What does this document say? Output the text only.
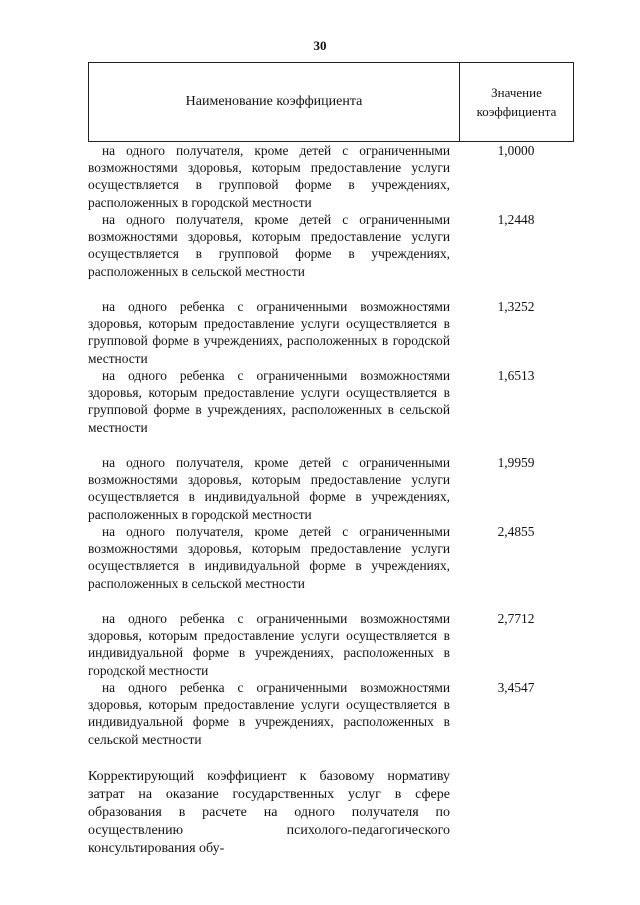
30
Наименование коэффициента
Значение
коэффициента

на одного получателя, кроме детей с ограниченными возможностями здоровья, которым предоставление услуги осуществляется в групповой форме в учреждениях, расположенных в городской местности

1,0000

на одного получателя, кроме детей с ограниченными возможностями здоровья, которым предоставление услуги осуществляется в групповой форме в учреждениях, расположенных в сельской местности

1,2448

на одного ребенка с ограниченными возможностями здоровья, которым предоставление услуги осуществляется в групповой форме в учреждениях, расположенных в городской местности

1,3252

на одного ребенка с ограниченными возможностями здоровья, которым предоставление услуги осуществляется в групповой форме в учреждениях, расположенных в сельской местности

1,6513

на одного получателя, кроме детей с ограниченными возможностями здоровья, которым предоставление услуги осуществляется в индивидуальной форме в учреждениях, расположенных в городской местности

1,9959

на одного получателя, кроме детей с ограниченными возможностями здоровья, которым предоставление услуги осуществляется в индивидуальной форме в учреждениях, расположенных в сельской местности

2,4855

на одного ребенка с ограниченными возможностями здоровья, которым предоставление услуги осуществляется в индивидуальной форме в учреждениях, расположенных в городской местности

2,7712

на одного ребенка с ограниченными возможностями здоровья, которым предоставление услуги осуществляется в индивидуальной форме в учреждениях, расположенных в сельской местности

3,4547
Корректирующий коэффициент к базовому нормативу затрат на оказание государственных услуг в сфере образования в расчете на одного получателя по осуществлению психолого-педагогического консультирования обу-
